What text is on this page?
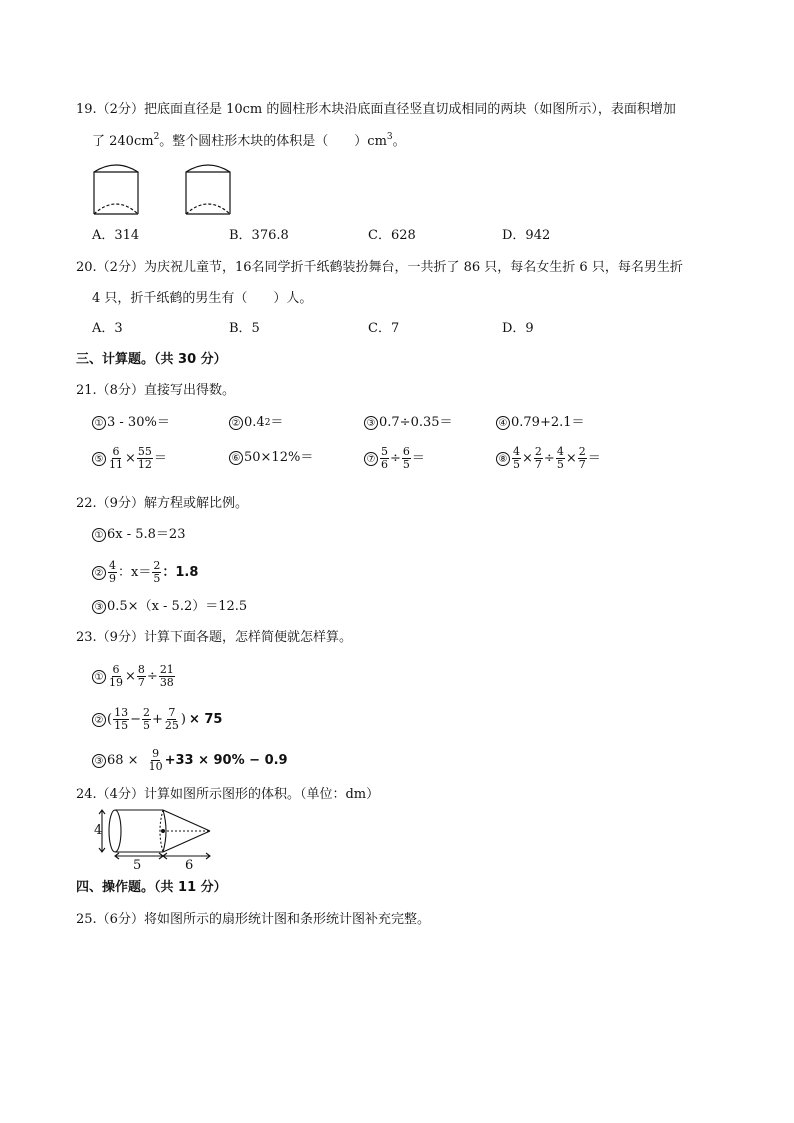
19.（2分）把底面直径是 10cm 的圆柱形木块沿底面直径竖直切成相同的两块（如图所示），表面积增加
了 $240cm^2$。整个圆柱形木块的体积是（　　）$cm^3$。
A．314	B．376.8	C．628	D．942
20.（2分）为庆祝儿童节，16名同学折千纸鹤装扮舞台，一共折了 86 只，每名女生折 6 只，每名男生折
4 只，折千纸鹤的男生有（　　）人。
A．3	B．5	C．7	D．9
三、计算题。（共 30 分）
21.（8分）直接写出得数。
① 3 - 30%＝	② 0.4 2 ＝	③ 0.7÷0.35＝	④ 0.79+2.1＝
⑤ $\frac{6}{11} \times \frac{55}{12}$ ＝	⑥ 50×12%＝	⑦ $\frac{5}{6} \div \frac{6}{5}$ ＝	⑧ $\frac{4}{5} \times \frac{2}{7} \div \frac{4}{5} \times \frac{2}{7}$ ＝
22.（9分）解方程或解比例。
① 6x - 5.8＝23
② $\frac{4}{9}$ ：$x= \frac{2}{5}$ ：1.8
③ 0.5×（x - 5.2）＝12.5
23.（9分）计算下面各题，怎样简便就怎样算。
① $\frac{6}{19} \times \frac{8}{7} \div \frac{21}{38}$
② ( $\frac{13}{15} - \frac{2}{5} + \frac{7}{25}$ ) × 75
③ $68 \times \frac{9}{10} +33 \times 90\% - 0.9$
24.（4分）计算如图所示图形的体积。（单位：dm）
4
5	6
四、操作题。（共 11 分）
25.（6分）将如图所示的扇形统计图和条形统计图补充完整。
